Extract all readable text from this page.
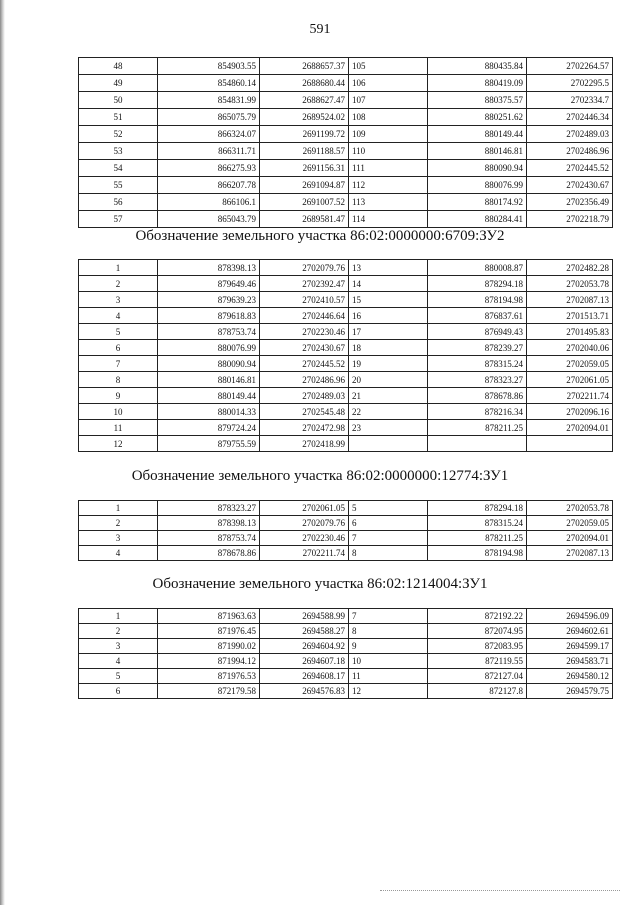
591
48	854903.55	2688657.37	105	880435.84	2702264.57
49	854860.14	2688680.44	106	880419.09	2702295.5
50	854831.99	2688627.47	107	880375.57	2702334.7
51	865075.79	2689524.02	108	880251.62	2702446.34
52	866324.07	2691199.72	109	880149.44	2702489.03
53	866311.71	2691188.57	110	880146.81	2702486.96
54	866275.93	2691156.31	111	880090.94	2702445.52
55	866207.78	2691094.87	112	880076.99	2702430.67
56	866106.1	2691007.52	113	880174.92	2702356.49
57	865043.79	2689581.47	114	880284.41	2702218.79
Обозначение земельного участка 86:02:0000000:6709:ЗУ2
1	878398.13	2702079.76	13	880008.87	2702482.28
2	879649.46	2702392.47	14	878294.18	2702053.78
3	879639.23	2702410.57	15	878194.98	2702087.13
4	879618.83	2702446.64	16	876837.61	2701513.71
5	878753.74	2702230.46	17	876949.43	2701495.83
6	880076.99	2702430.67	18	878239.27	2702040.06
7	880090.94	2702445.52	19	878315.24	2702059.05
8	880146.81	2702486.96	20	878323.27	2702061.05
9	880149.44	2702489.03	21	878678.86	2702211.74
10	880014.33	2702545.48	22	878216.34	2702096.16
11	879724.24	2702472.98	23	878211.25	2702094.01
12	879755.59	2702418.99			
Обозначение земельного участка 86:02:0000000:12774:ЗУ1
1	878323.27	2702061.05	5	878294.18	2702053.78
2	878398.13	2702079.76	6	878315.24	2702059.05
3	878753.74	2702230.46	7	878211.25	2702094.01
4	878678.86	2702211.74	8	878194.98	2702087.13
Обозначение земельного участка 86:02:1214004:ЗУ1
1	871963.63	2694588.99	7	872192.22	2694596.09
2	871976.45	2694588.27	8	872074.95	2694602.61
3	871990.02	2694604.92	9	872083.95	2694599.17
4	871994.12	2694607.18	10	872119.55	2694583.71
5	871976.53	2694608.17	11	872127.04	2694580.12
6	872179.58	2694576.83	12	872127.8	2694579.75
